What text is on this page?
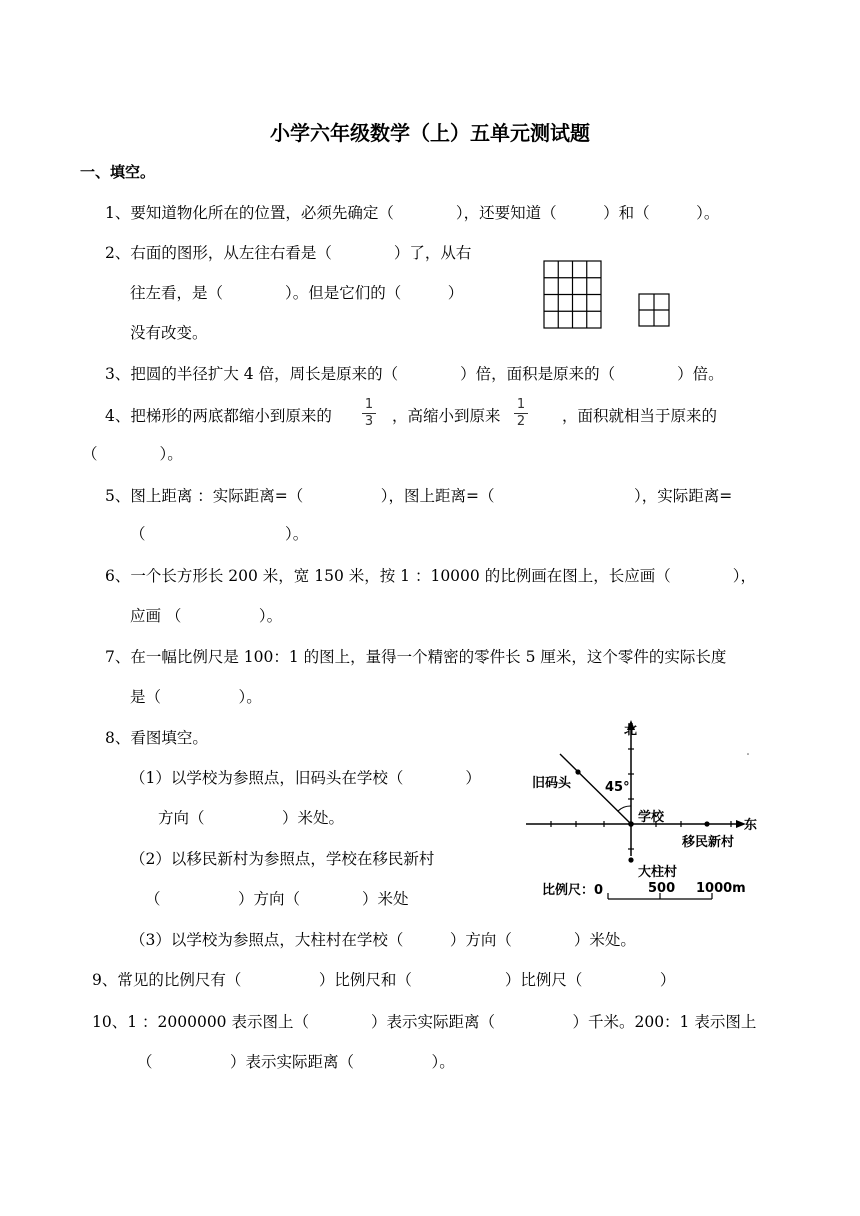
小学六年级数学（上）五单元测试题
一、填空。
1、要知道物化所在的位置，必须先确定（　　　　），还要知道（　　　）和（　　　）。
2、右面的图形，从左往右看是（　　　　）了，从右
往左看，是（　　　　）。但是它们的（　　　）
没有改变。
3、把圆的半径扩大 4 倍，周长是原来的（　　　　）倍，面积是原来的（　　　　）倍。
4、把梯形的两底都缩小到原来的
1
3 ，高缩小到原来
1
2 ，面积就相当于原来的
（　　　　）。
5、图上距离 ：实际距离=（　　　　　），图上距离=（　　　　　　　　　），实际距离=
（　　　　　　　　　）。
6、一个长方形长 200 米，宽 150 米，按 1 ：10000 的比例画在图上，长应画（　　　　），
应画 （　　　　　）。
7、在一幅比例尺是 100：1 的图上，量得一个精密的零件长 5 厘米，这个零件的实际长度
是（　　　　　）。
8、看图填空。
（1）以学校为参照点，旧码头在学校（　　　　）
方向（　　　　　）米处。
（2）以移民新村为参照点，学校在移民新村
（　　　　　）方向（　　　　）米处
（3）以学校为参照点，大柱村在学校（　　　）方向（　　　　）米处。
北
东
旧码头	45°
学校
移民新村
大柱村
比例尺：0	500 1000m
9、常见的比例尺有（　　　　　）比例尺和（　　　　　　）比例尺（　　　　　）
10、1 ：2000000 表示图上（　　　　）表示实际距离（　　　　　）千米。200：1 表示图上
（　　　　　）表示实际距离（　　　　　）。
